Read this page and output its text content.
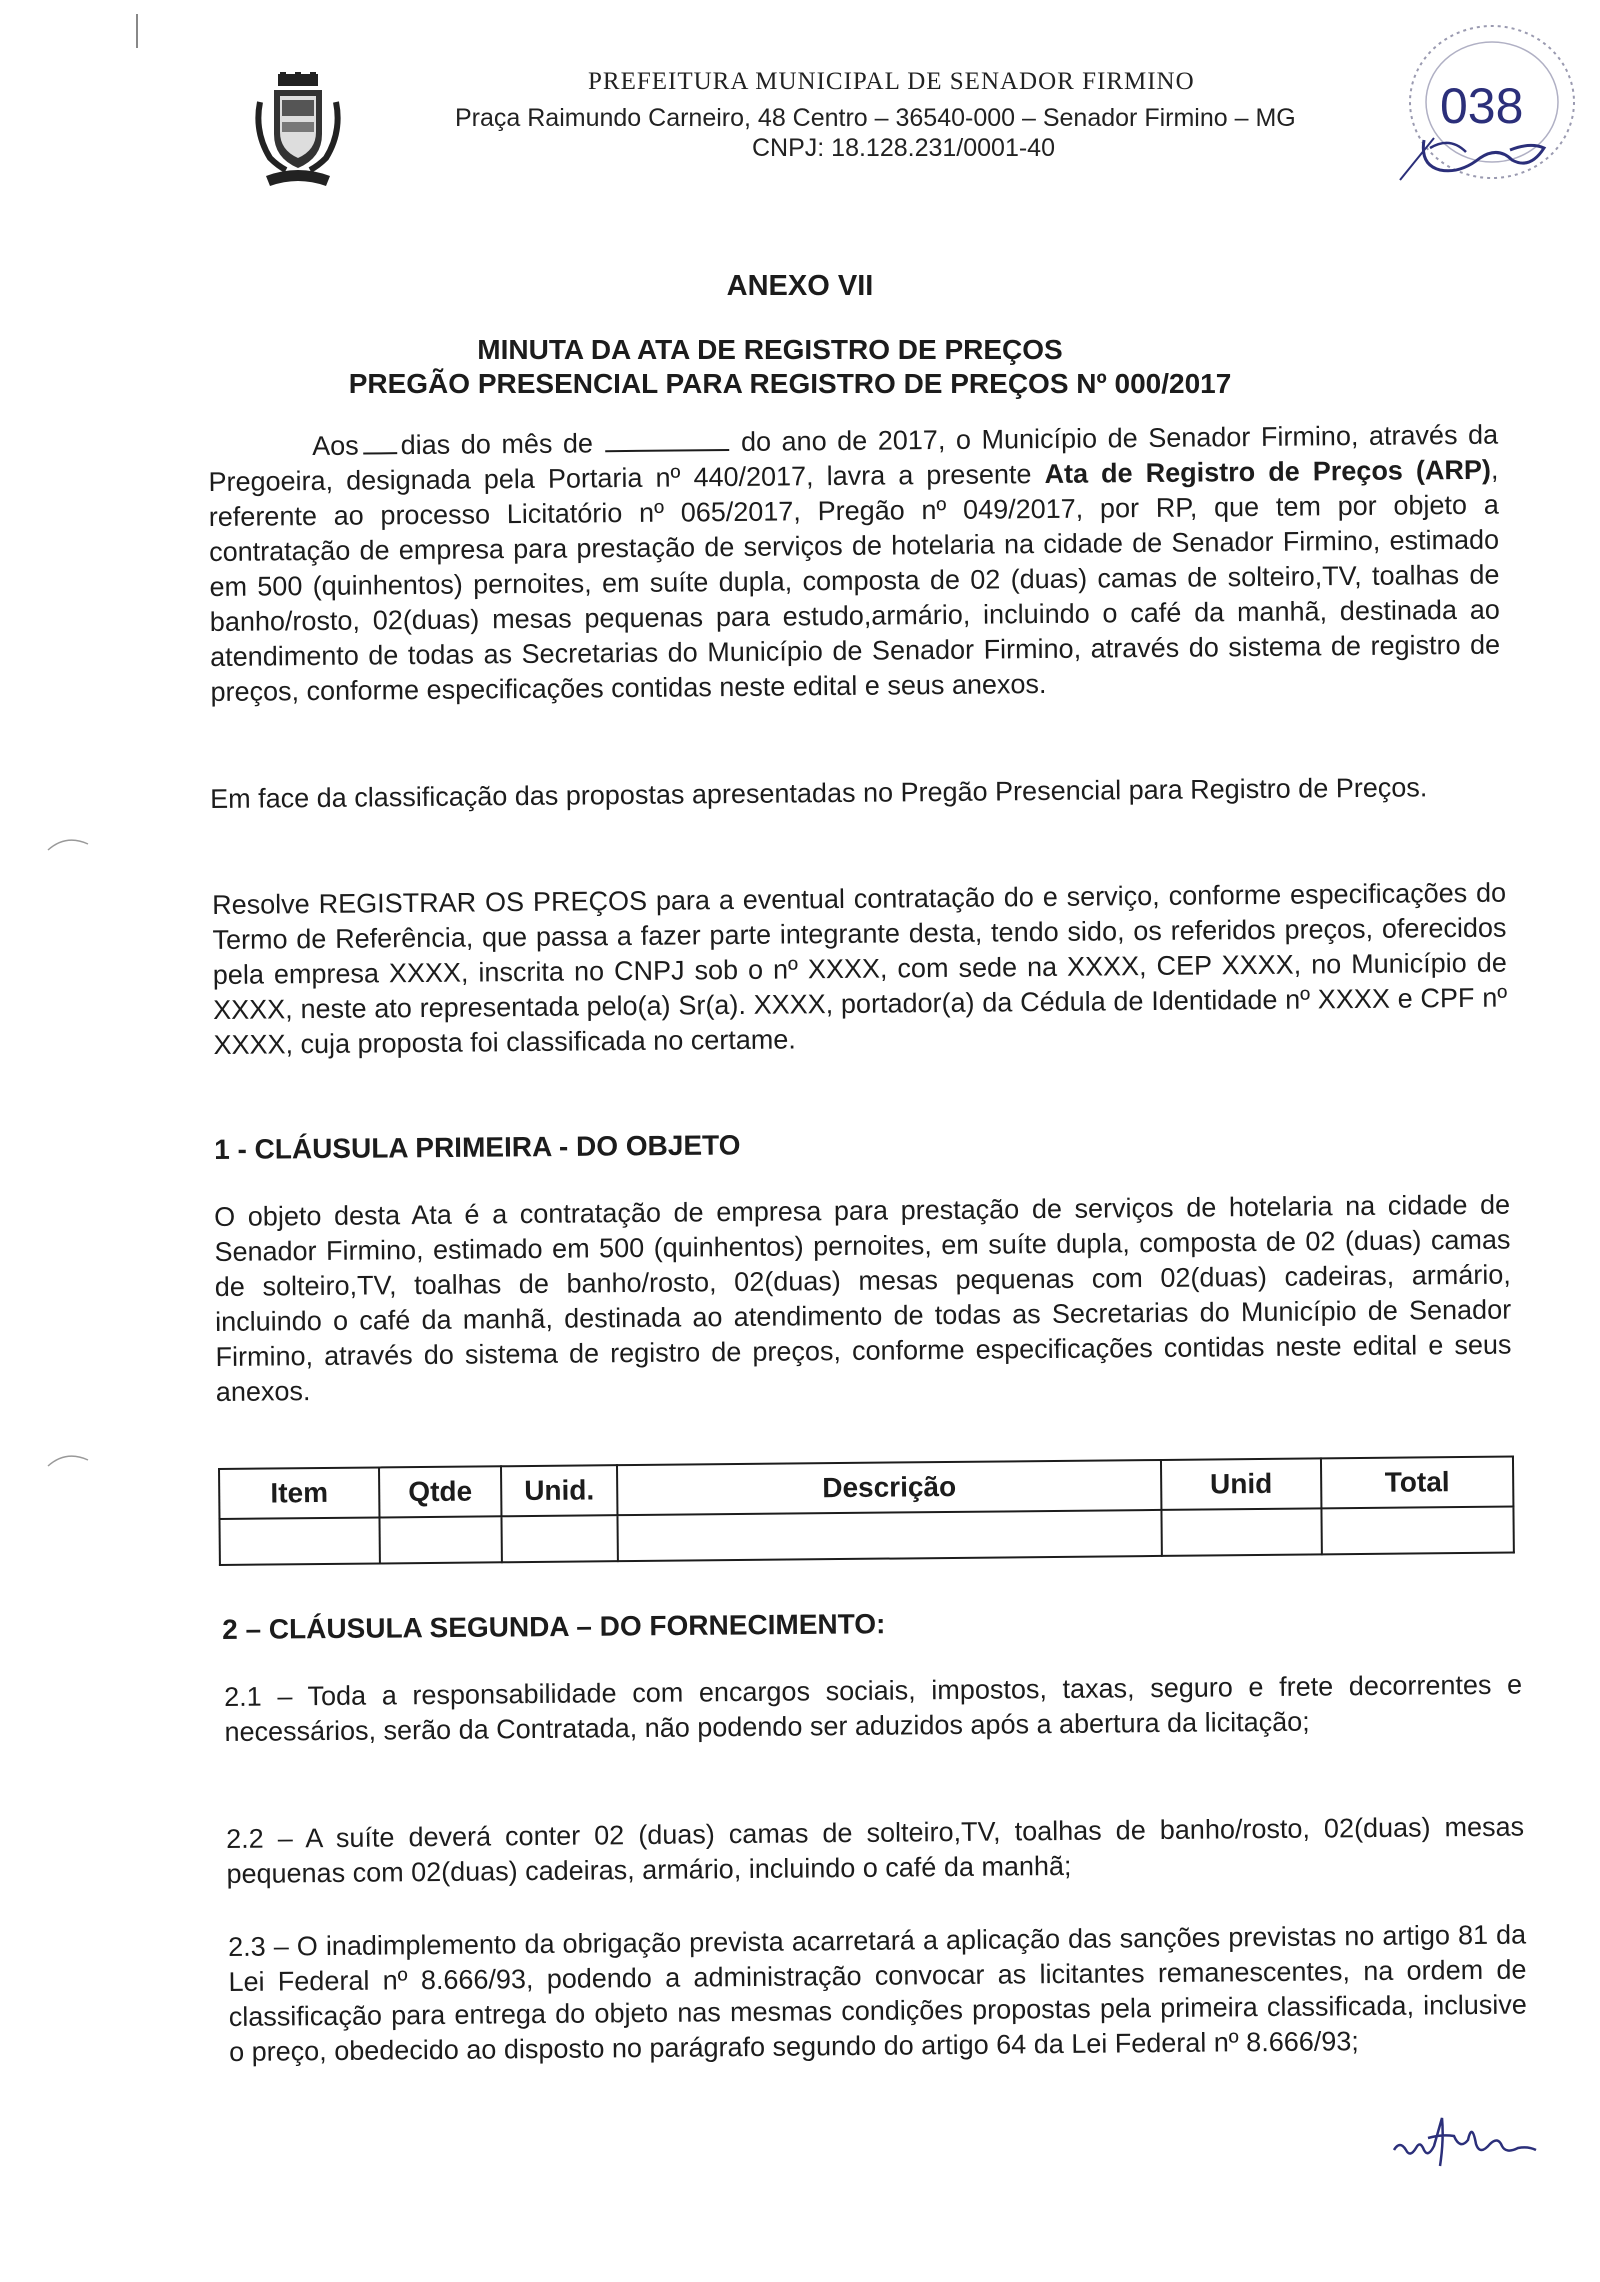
PREFEITURA MUNICIPAL DE SENADOR FIRMINO
Praça Raimundo Carneiro, 48 Centro – 36540-000 – Senador Firmino – MG
CNPJ: 18.128.231/0001-40
038
ANEXO VII
MINUTA DA ATA DE REGISTRO DE PREÇOS
PREGÃO PRESENCIAL PARA REGISTRO DE PREÇOS Nº 000/2017
Aos dias do mês de	do ano de 2017, o Município de Senador Firmino, através da Pregoeira, designada pela Portaria nº 440/2017, lavra a presente Ata de Registro de Preços (ARP), referente ao processo Licitatório nº 065/2017, Pregão nº 049/2017, por RP, que tem por objeto a contratação de empresa para prestação de serviços de hotelaria na cidade de Senador Firmino, estimado em 500 (quinhentos) pernoites, em suíte dupla, composta de 02 (duas) camas de solteiro,TV, toalhas de banho/rosto, 02(duas) mesas pequenas para estudo,armário, incluindo o café da manhã, destinada ao atendimento de todas as Secretarias do Município de Senador Firmino, através do sistema de registro de preços, conforme especificações contidas neste edital e seus anexos.
Em face da classificação das propostas apresentadas no Pregão Presencial para Registro de Preços.
Resolve REGISTRAR OS PREÇOS para a eventual contratação do e serviço, conforme especificações do Termo de Referência, que passa a fazer parte integrante desta, tendo sido, os referidos preços, oferecidos pela empresa XXXX, inscrita no CNPJ sob o nº XXXX, com sede na XXXX, CEP XXXX, no Município de XXXX, neste ato representada pelo(a) Sr(a). XXXX, portador(a) da Cédula de Identidade nº XXXX e CPF nº XXXX, cuja proposta foi classificada no certame.
1 - CLÁUSULA PRIMEIRA - DO OBJETO
O objeto desta Ata é a contratação de empresa para prestação de serviços de hotelaria na cidade de Senador Firmino, estimado em 500 (quinhentos) pernoites, em suíte dupla, composta de 02 (duas) camas de solteiro,TV, toalhas de banho/rosto, 02(duas) mesas pequenas com 02(duas) cadeiras, armário, incluindo o café da manhã, destinada ao atendimento de todas as Secretarias do Município de Senador Firmino, através do sistema de registro de preços, conforme especificações contidas neste edital e seus anexos.
Item	Qtde	Unid.	Descrição	Unid	Total

2 – CLÁUSULA SEGUNDA – DO FORNECIMENTO:
2.1 – Toda a responsabilidade com encargos sociais, impostos, taxas, seguro e frete decorrentes e necessários, serão da Contratada, não podendo ser aduzidos após a abertura da licitação;
2.2 – A suíte deverá conter 02 (duas) camas de solteiro,TV, toalhas de banho/rosto, 02(duas) mesas pequenas com 02(duas) cadeiras, armário, incluindo o café da manhã;
2.3 – O inadimplemento da obrigação prevista acarretará a aplicação das sanções previstas no artigo 81 da Lei Federal nº 8.666/93, podendo a administração convocar as licitantes remanescentes, na ordem de classificação para entrega do objeto nas mesmas condições propostas pela primeira classificada, inclusive o preço, obedecido ao disposto no parágrafo segundo do artigo 64 da Lei Federal nº 8.666/93;
